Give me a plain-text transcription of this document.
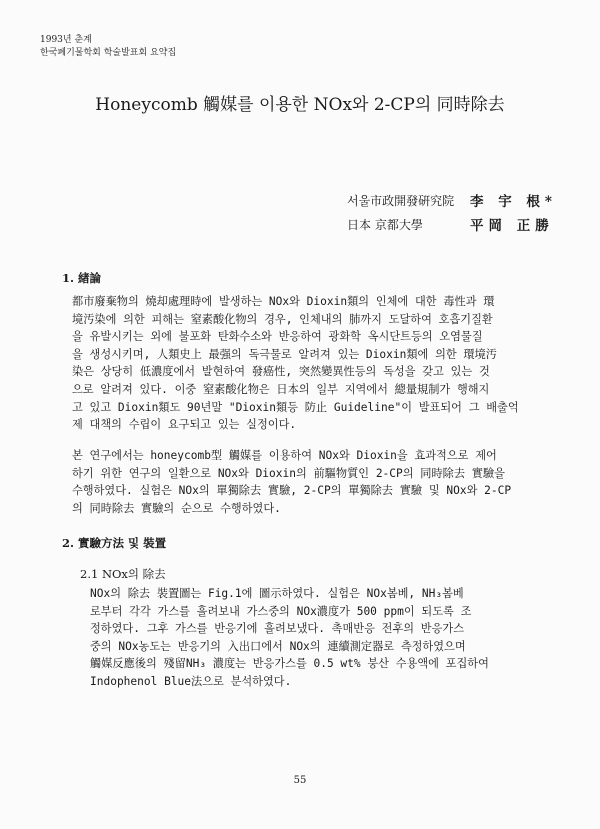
1993년 춘계
한국폐기물학회 학술발표회 요약집
Honeycomb 觸媒를 이용한 NOx와 2-CP의 同時除去
서울市政開發硏究院 李 宇 根*
日本 京都大學	平岡 正勝
1. 緖論
都市廢棄物의 燒却處理時에 발생하는 NOx와 Dioxin類의 인체에 대한 毒性과 環
境汚染에 의한 피해는 窒素酸化物의 경우, 인체내의 肺까지 도달하여 호흡기질환
을 유발시키는 외에 불포화 탄화수소와 반응하여 광화학 옥시단트등의 오염물질
을 생성시키며, 人類史上 最强의 독극물로 알려져 있는 Dioxin類에 의한 環境汚
染은 상당히 低濃度에서 발현하여 發癌性, 突然變異性등의 독성을 갖고 있는 것
으로 알려져 있다. 이중 窒素酸化物은 日本의 일부 지역에서 總量規制가 행해지
고 있고 Dioxin類도 90년말 "Dioxin類등 防止 Guideline"이 발표되어 그 배출억
제 대책의 수립이 요구되고 있는 실정이다.
본 연구에서는 honeycomb型 觸媒를 이용하여 NOx와 Dioxin을 효과적으로 제어
하기 위한 연구의 일환으로 NOx와 Dioxin의 前驅物質인 2-CP의 同時除去 實驗을
수행하였다. 실험은 NOx의 單獨除去 實驗, 2-CP의 單獨除去 實驗 및 NOx와 2-CP
의 同時除去 實驗의 순으로 수행하였다.
2. 實驗方法 및 裝置
2.1 NOx의 除去
NOx의 除去 裝置圖는 Fig.1에 圖示하였다. 실험은 NOx봄베, NH₃봄베
로부터 각각 가스를 흘려보내 가스중의 NOx濃度가 500 ppm이 되도록 조
정하였다. 그후 가스를 반응기에 흘려보냈다. 촉매반응 전후의 반응가스
중의 NOx농도는 반응기의 入出口에서 NOx의 連續測定器로 측정하였으며
觸媒反應後의 殘留NH₃ 濃度는 반응가스를 0.5 wt% 붕산 수용액에 포집하여
Indophenol Blue法으로 분석하였다.
55
